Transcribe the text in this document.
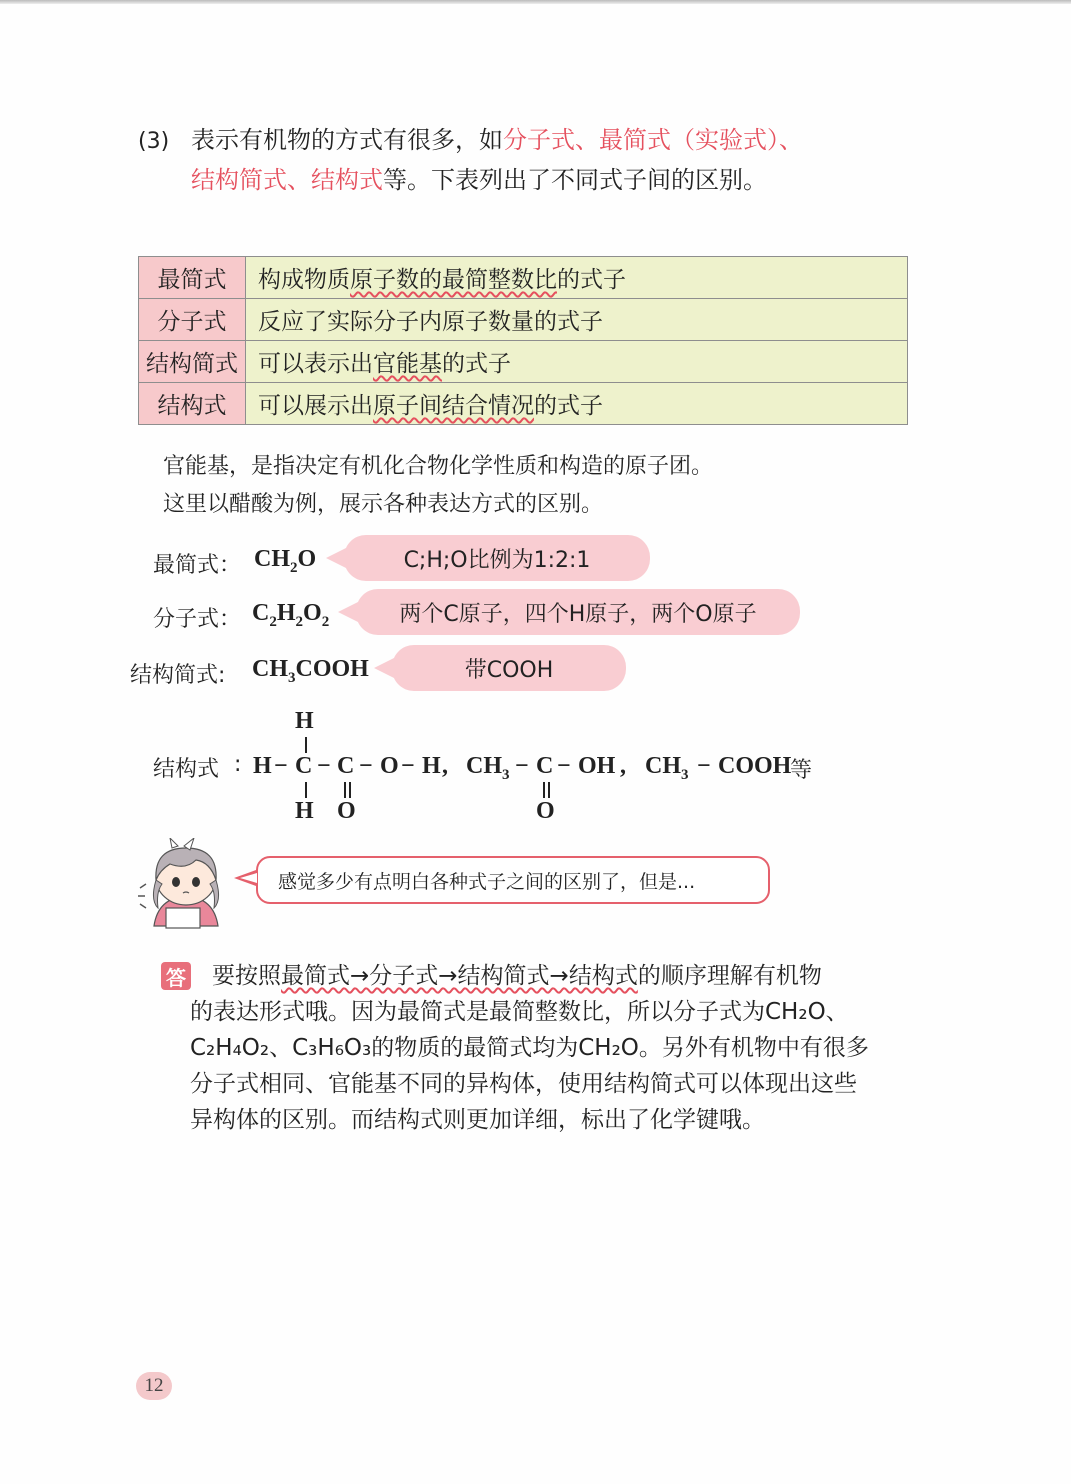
(3) 表示有机物的方式有很多，如分子式、最简式（实验式）、
结构简式、结构式等。下表列出了不同式子间的区别。
最简式	构成物质原子数的最简整数比的式子
分子式	反应了实际分子内原子数量的式子
结构简式	可以表示出官能基的式子
结构式	可以展示出原子间结合情况的式子
官能基，是指决定有机化合物化学性质和构造的原子团。
这里以醋酸为例，展示各种表达方式的区别。
最简式： $CH_2O$	C;H;O比例为1:2:1
分子式： $C_2H_2O_2$	两个C原子，四个H原子，两个O原子
结构简式: $CH_3COOH$	带COOH
结构式 :
H
H − C − C − O − H ,
H O
$CH_3 - C$ − OH ,
O
$CH_3$ − COOH
等
感觉多少有点明白各种式子之间的区别了，但是...
答 要按照最简式→分子式→结构简式→结构式的顺序理解有机物
的表达形式哦。因为最简式是最简整数比，所以分子式为CH₂O、
C₂H₄O₂、C₃H₆O₃的物质的最简式均为CH₂O。另外有机物中有很多
分子式相同、官能基不同的异构体，使用结构简式可以体现出这些
异构体的区别。而结构式则更加详细，标出了化学键哦。
12
